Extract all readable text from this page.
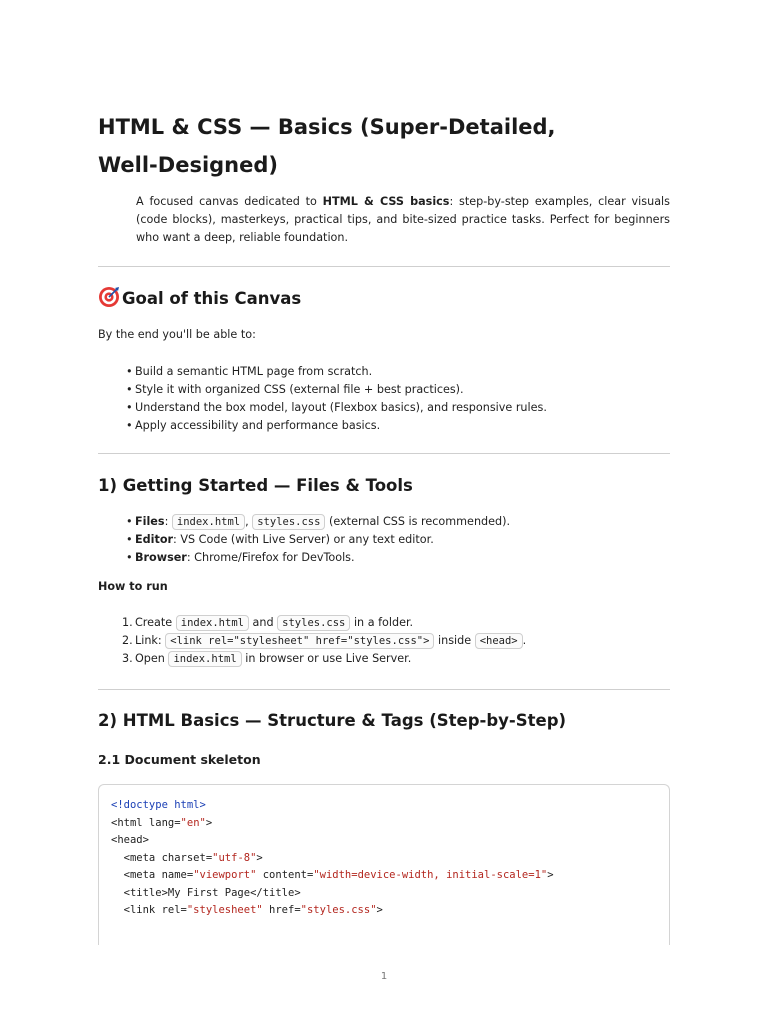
HTML & CSS — Basics (Super-Detailed, Well-Designed)

A focused canvas dedicated to HTML & CSS basics: step-by-step examples, clear visuals (code blocks), masterkeys, practical tips, and bite-sized practice tasks. Perfect for beginners who want a deep, reliable foundation.

Goal of this Canvas

By the end you'll be able to:

• Build a semantic HTML page from scratch.
• Style it with organized CSS (external file + best practices).
• Understand the box model, layout (Flexbox basics), and responsive rules.
• Apply accessibility and performance basics.
1) Getting Started — Files & Tools
• Files: index.html , styles.css (external CSS is recommended).
• Editor: VS Code (with Live Server) or any text editor.
• Browser: Chrome/Firefox for DevTools.
How to run
1. Create index.html and styles.css in a folder.
2. Link: <link rel="stylesheet" href="styles.css"> inside <head> .
3. Open index.html in browser or use Live Server.
2) HTML Basics — Structure & Tags (Step-by-Step)
2.1 Document skeleton
<!doctype html>
<html lang="en">
<head>
<meta charset="utf-8">
<meta name="viewport" content="width=device-width, initial-scale=1">
<title>My First Page</title>
<link rel="stylesheet" href="styles.css">
1
